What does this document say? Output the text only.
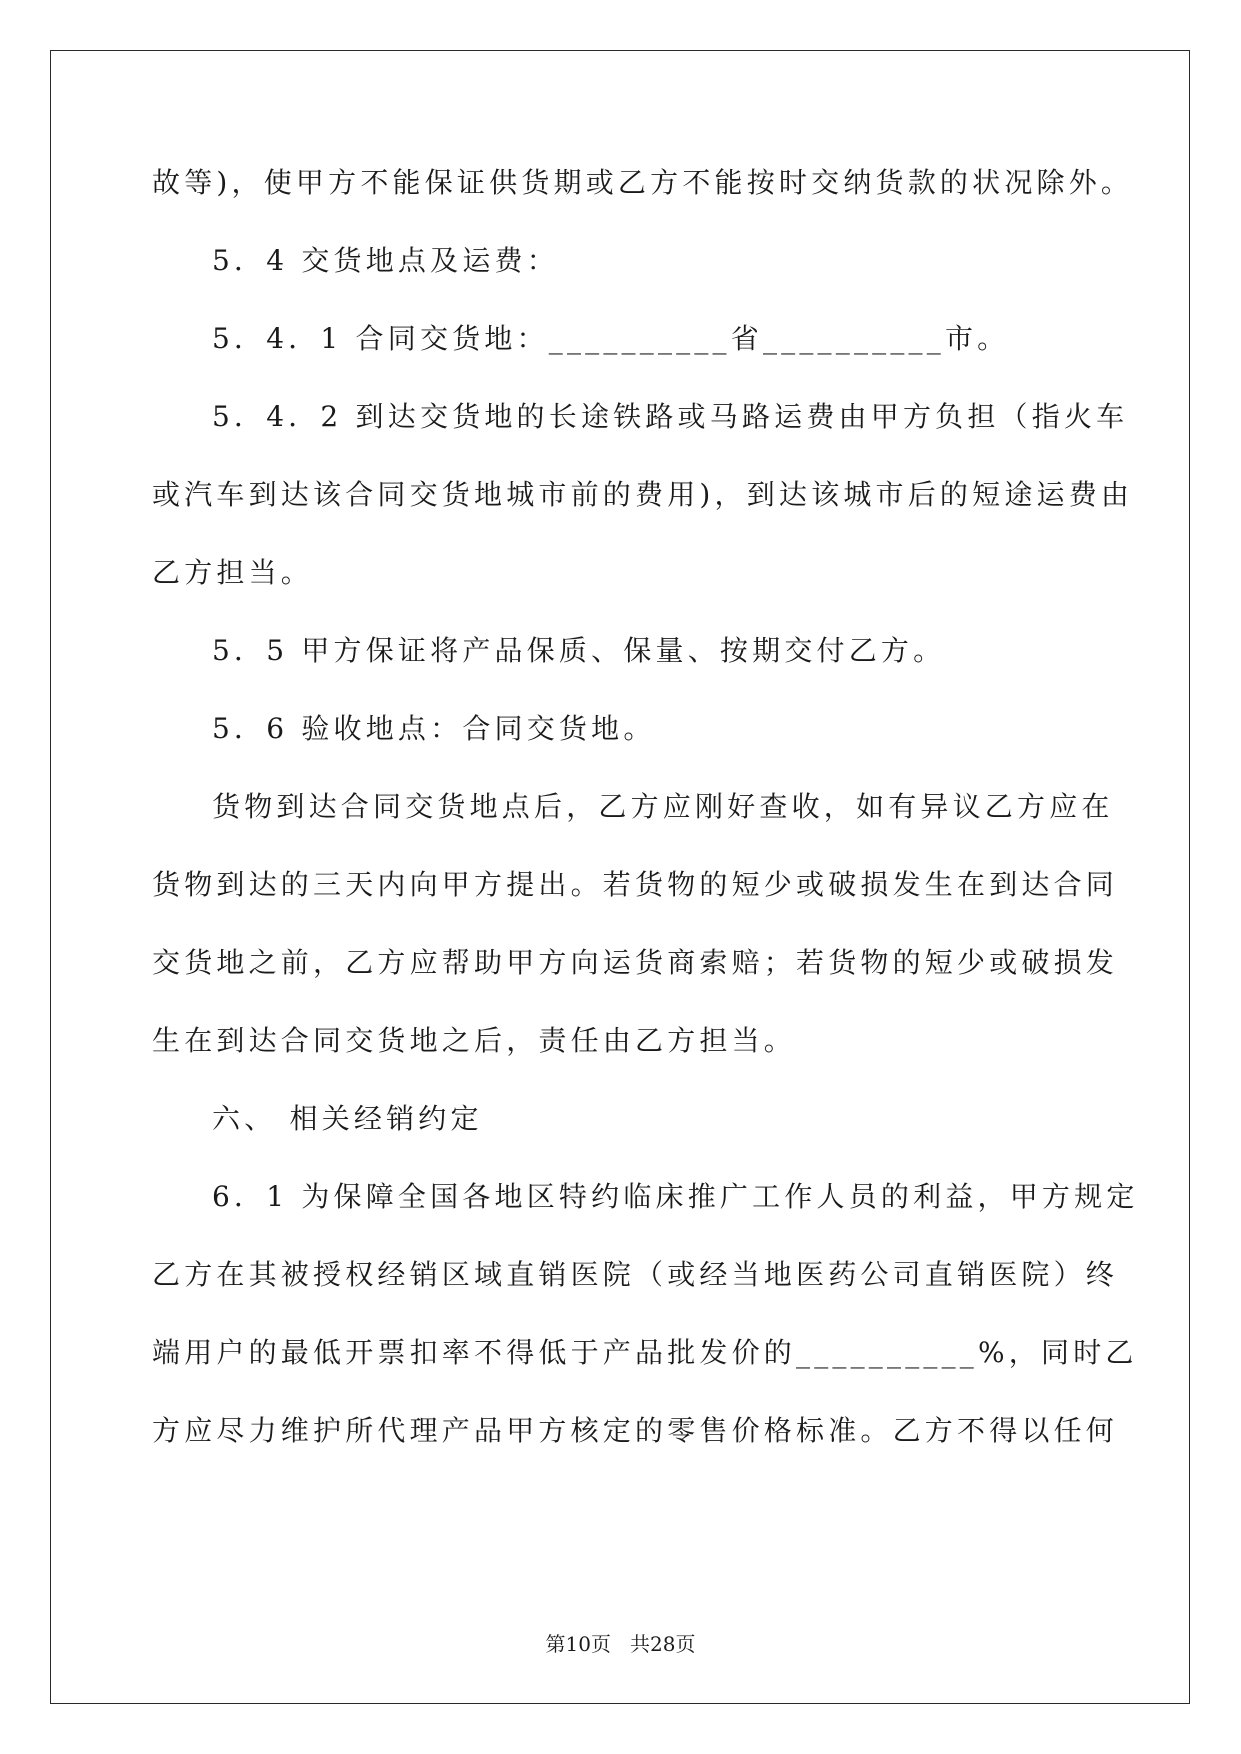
故等)，使甲方不能保证供货期或乙方不能按时交纳货款的状况除外。
5．4 交货地点及运费：
5．4．1 合同交货地：__________省__________市。
5．4．2 到达交货地的长途铁路或马路运费由甲方负担（指火车
或汽车到达该合同交货地城市前的费用)，到达该城市后的短途运费由
乙方担当。
5．5 甲方保证将产品保质、保量、按期交付乙方。
5．6 验收地点：合同交货地。
货物到达合同交货地点后，乙方应刚好查收，如有异议乙方应在
货物到达的三天内向甲方提出。若货物的短少或破损发生在到达合同
交货地之前，乙方应帮助甲方向运货商索赔；若货物的短少或破损发
生在到达合同交货地之后，责任由乙方担当。
六、 相关经销约定
6．1 为保障全国各地区特约临床推广工作人员的利益，甲方规定
乙方在其被授权经销区域直销医院（或经当地医药公司直销医院）终
端用户的最低开票扣率不得低于产品批发价的__________%，同时乙
方应尽力维护所代理产品甲方核定的零售价格标准。乙方不得以任何
第10页 共28页
